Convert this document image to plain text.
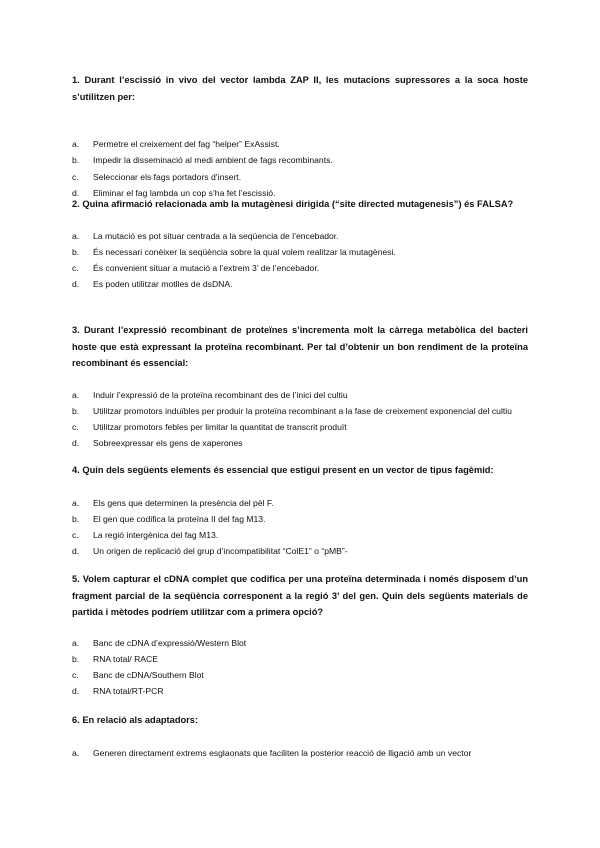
1. Durant l’escissió in vivo del vector lambda ZAP II, les mutacions supressores a la soca hoste s’utilitzen per:

a. Permetre el creixement del fag “helper” ExAssist.
b. Impedir la disseminació al medi ambient de fags recombinants.
c. Seleccionar els fags portadors d’insert.
d. Eliminar el fag lambda un cop s’ha fet l’escissió.

2. Quina afirmació relacionada amb la mutagènesi dirigida (“site directed mutagenesis”) és FALSA?

a. La mutació es pot situar centrada a la seqüencia de l’encebador.
b. És necessari conèixer la seqüència sobre la qual volem realitzar la mutagènesi.
c. És convenient situar a mutació a l’extrem 3’ de l’encebador.
d. Es poden utilitzar motlles de dsDNA.

3. Durant l’expressió recombinant de proteïnes s’incrementa molt la càrrega metabòlica del bacteri hoste que està expressant la proteïna recombinant. Per tal d’obtenir un bon rendiment de la proteïna recombinant és essencial:

a. Induir l’expressió de la proteïna recombinant des de l’inici del cultiu
b. Utilitzar promotors induïbles per produir la proteïna recombinant a la fase de creixement exponencial del cultiu
c. Utilitzar promotors febles per limitar la quantitat de transcrit produït
d. Sobreexpressar els gens de xaperones

4. Quin dels següents elements és essencial que estigui present en un vector de tipus fagèmid:

a. Els gens que determinen la presència del pèl F.
b. El gen que codifica la proteïna II del fag M13.
c. La regió intergènica del fag M13.
d. Un origen de replicació del grup d’incompatibilitat “ColE1” o “pMB”-

5. Volem capturar el cDNA complet que codifica per una proteïna determinada i només disposem d’un fragment parcial de la seqüència corresponent a la regió 3’ del gen. Quin dels següents materials de partida i mètodes podríem utilitzar com a primera opció?

a. Banc de cDNA d’expressió/Western Blot
b. RNA total/ RACE
c. Banc de cDNA/Southern Blot
d. RNA total/RT-PCR

6. En relació als adaptadors:

a. Generen directament extrems esglaonats que faciliten la posterior reacció de lligació amb un vector
